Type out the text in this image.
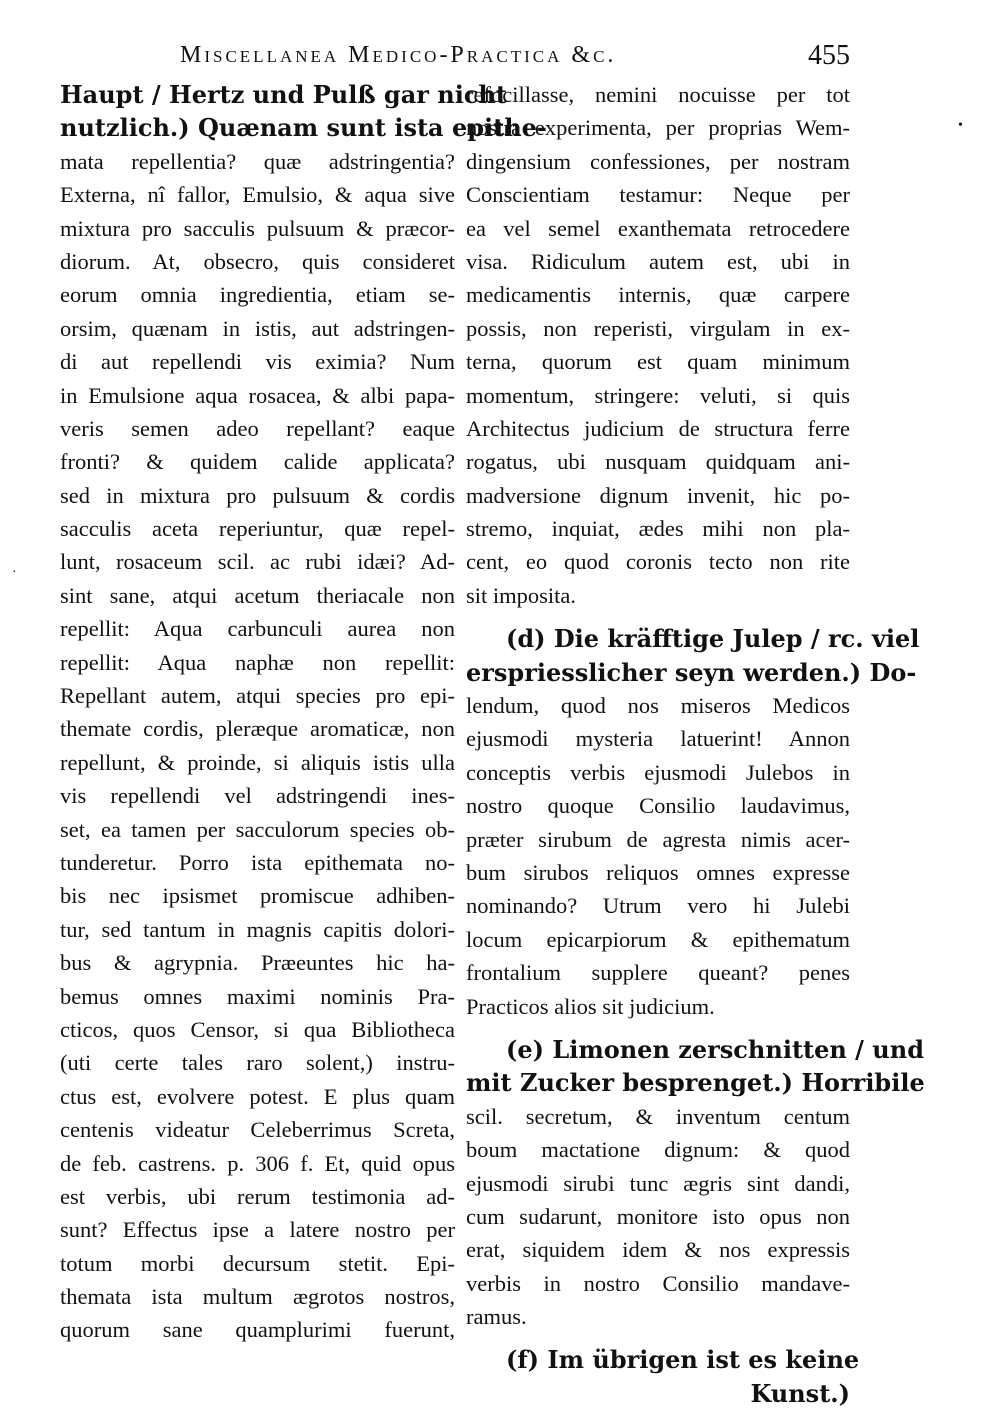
Miscellanea Medico-Practica &c.	455
Haupt / Hertz und Pulß gar nicht
nutzlich.) Quænam sunt ista epithe-
mata repellentia? quæ adstringentia?
Externa, nî fallor, Emulsio, & aqua sive
mixtura pro sacculis pulsuum & præcor-
diorum. At, obsecro, quis consideret
eorum omnia ingredientia, etiam se-
orsim, quænam in istis, aut adstringen-
di aut repellendi vis eximia? Num
in Emulsione aqua rosacea, & albi papa-
veris semen adeo repellant? eaque
fronti? & quidem calide applicata?
sed in mixtura pro pulsuum & cordis
sacculis aceta reperiuntur, quæ repel-
lunt, rosaceum scil. ac rubi idæi? Ad-
sint sane, atqui acetum theriacale non
repellit: Aqua carbunculi aurea non
repellit: Aqua naphæ non repellit:
Repellant autem, atqui species pro epi-
themate cordis, pleræque aromaticæ, non
repellunt, & proinde, si aliquis istis ulla
vis repellendi vel adstringendi ines-
set, ea tamen per sacculorum species ob-
tunderetur. Porro ista epithemata no-
bis nec ipsismet promiscue adhiben-
tur, sed tantum in magnis capitis dolori-
bus & agrypnia. Præeuntes hic ha-
bemus omnes maximi nominis Pra-
cticos, quos Censor, si qua Bibliotheca
(uti certe tales raro solent,) instru-
ctus est, evolvere potest. E plus quam
centenis videatur Celeberrimus Screta,
de feb. castrens. p. 306 f. Et, quid opus
est verbis, ubi rerum testimonia ad-
sunt? Effectus ipse a latere nostro per
totum morbi decursum stetit. Epi-
themata ista multum ægrotos nostros,
quorum sane quamplurimi fuerunt,
refocillasse, nemini nocuisse per tot
nostra experimenta, per proprias Wem-
dingensium confessiones, per nostram
Conscientiam testamur: Neque per
ea vel semel exanthemata retrocedere
visa. Ridiculum autem est, ubi in
medicamentis internis, quæ carpere
possis, non reperisti, virgulam in ex-
terna, quorum est quam minimum
momentum, stringere: veluti, si quis
Architectus judicium de structura ferre
rogatus, ubi nusquam quidquam ani-
madversione dignum invenit, hic po-
stremo, inquiat, ædes mihi non pla-
cent, eo quod coronis tecto non rite
sit imposita.
(d) Die kräfftige Julep / rc. viel
erspriesslicher seyn werden.) Do-
lendum, quod nos miseros Medicos
ejusmodi mysteria latuerint! Annon
conceptis verbis ejusmodi Julebos in
nostro quoque Consilio laudavimus,
præter sirubum de agresta nimis acer-
bum sirubos reliquos omnes expresse
nominando? Utrum vero hi Julebi
locum epicarpiorum & epithematum
frontalium supplere queant? penes
Practicos alios sit judicium.
(e) Limonen zerschnitten / und
mit Zucker besprenget.) Horribile
scil. secretum, & inventum centum
boum mactatione dignum: & quod
ejusmodi sirubi tunc ægris sint dandi,
cum sudarunt, monitore isto opus non
erat, siquidem idem & nos expressis
verbis in nostro Consilio mandave-
ramus.
(f) Im übrigen ist es keine
Kunst.)
•
·
